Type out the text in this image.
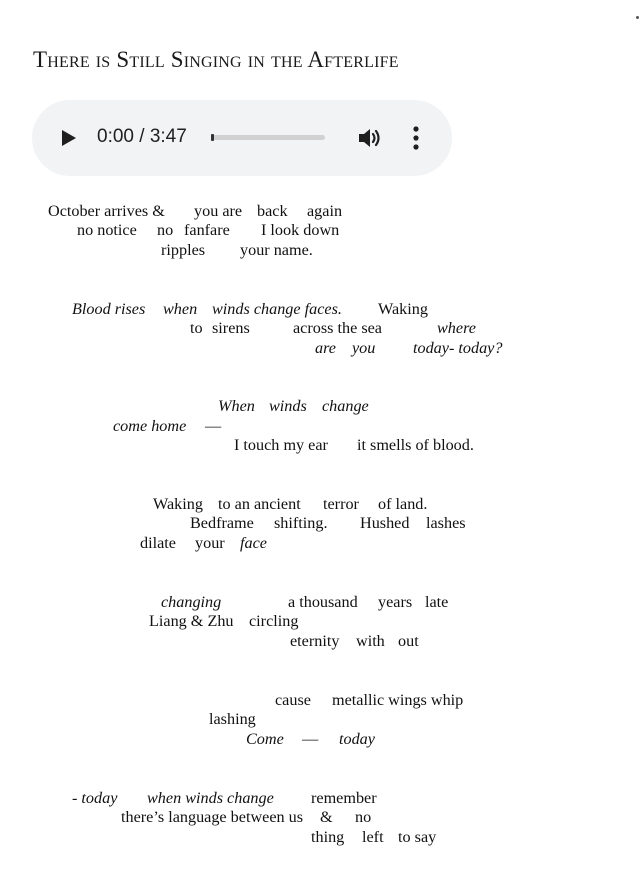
There is Still Singing in the Afterlife
0:00 / 3:47
October arrives & you are back again
no notice no fanfare I look down
ripples your name.
Blood rises when winds change faces. Waking
to sirens	across the sea	where
are you today- today?
When winds change
come home —
I touch my ear it smells of blood.
Waking to an ancient terror of land.
Bedframe shifting. Hushed lashes
dilate your face
changing	a thousand years late
Liang & Zhu circling
eternity with out
cause metallic wings whip
lashing
Come — today
- today when winds change remember
there’s language between us & no
thing left to say
